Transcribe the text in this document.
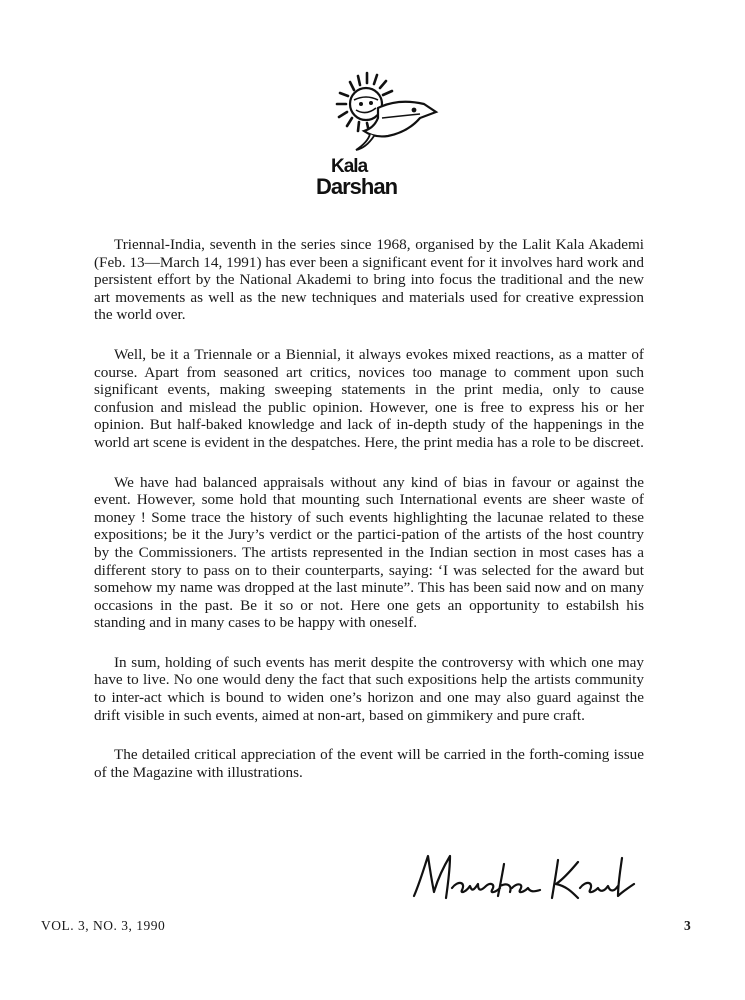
Kala
Darshan

Triennal-India, seventh in the series since 1968, organised by the Lalit Kala Akademi (Feb. 13—March 14, 1991) has ever been a significant event for it involves hard work and persistent effort by the National Akademi to bring into focus the traditional and the new art movements as well as the new techniques and materials used for creative expression the world over.

Well, be it a Triennale or a Biennial, it always evokes mixed reactions, as a matter of course. Apart from seasoned art critics, novices too manage to comment upon such significant events, making sweeping statements in the print media, only to cause confusion and mislead the public opinion. However, one is free to express his or her opinion. But half-baked knowledge and lack of in-depth study of the happenings in the world art scene is evident in the despatches. Here, the print media has a role to be discreet.

We have had balanced appraisals without any kind of bias in favour or against the event. However, some hold that mounting such International events are sheer waste of money ! Some trace the history of such events highlighting the lacunae related to these expositions; be it the Jury’s verdict or the partici-pation of the artists of the host country by the Commissioners. The artists represented in the Indian section in most cases has a different story to pass on to their counterparts, saying: ‘I was selected for the award but somehow my name was dropped at the last minute”. This has been said now and on many occasions in the past. Be it so or not. Here one gets an opportunity to estabilsh his standing and in many cases to be happy with oneself.

In sum, holding of such events has merit despite the controversy with which one may have to live. No one would deny the fact that such expositions help the artists community to inter-act which is bound to widen one’s horizon and one may also guard against the drift visible in such events, aimed at non-art, based on gimmikery and pure craft.

The detailed critical appreciation of the event will be carried in the forth-coming issue of the Magazine with illustrations.

VOL. 3, NO. 3, 1990	3
